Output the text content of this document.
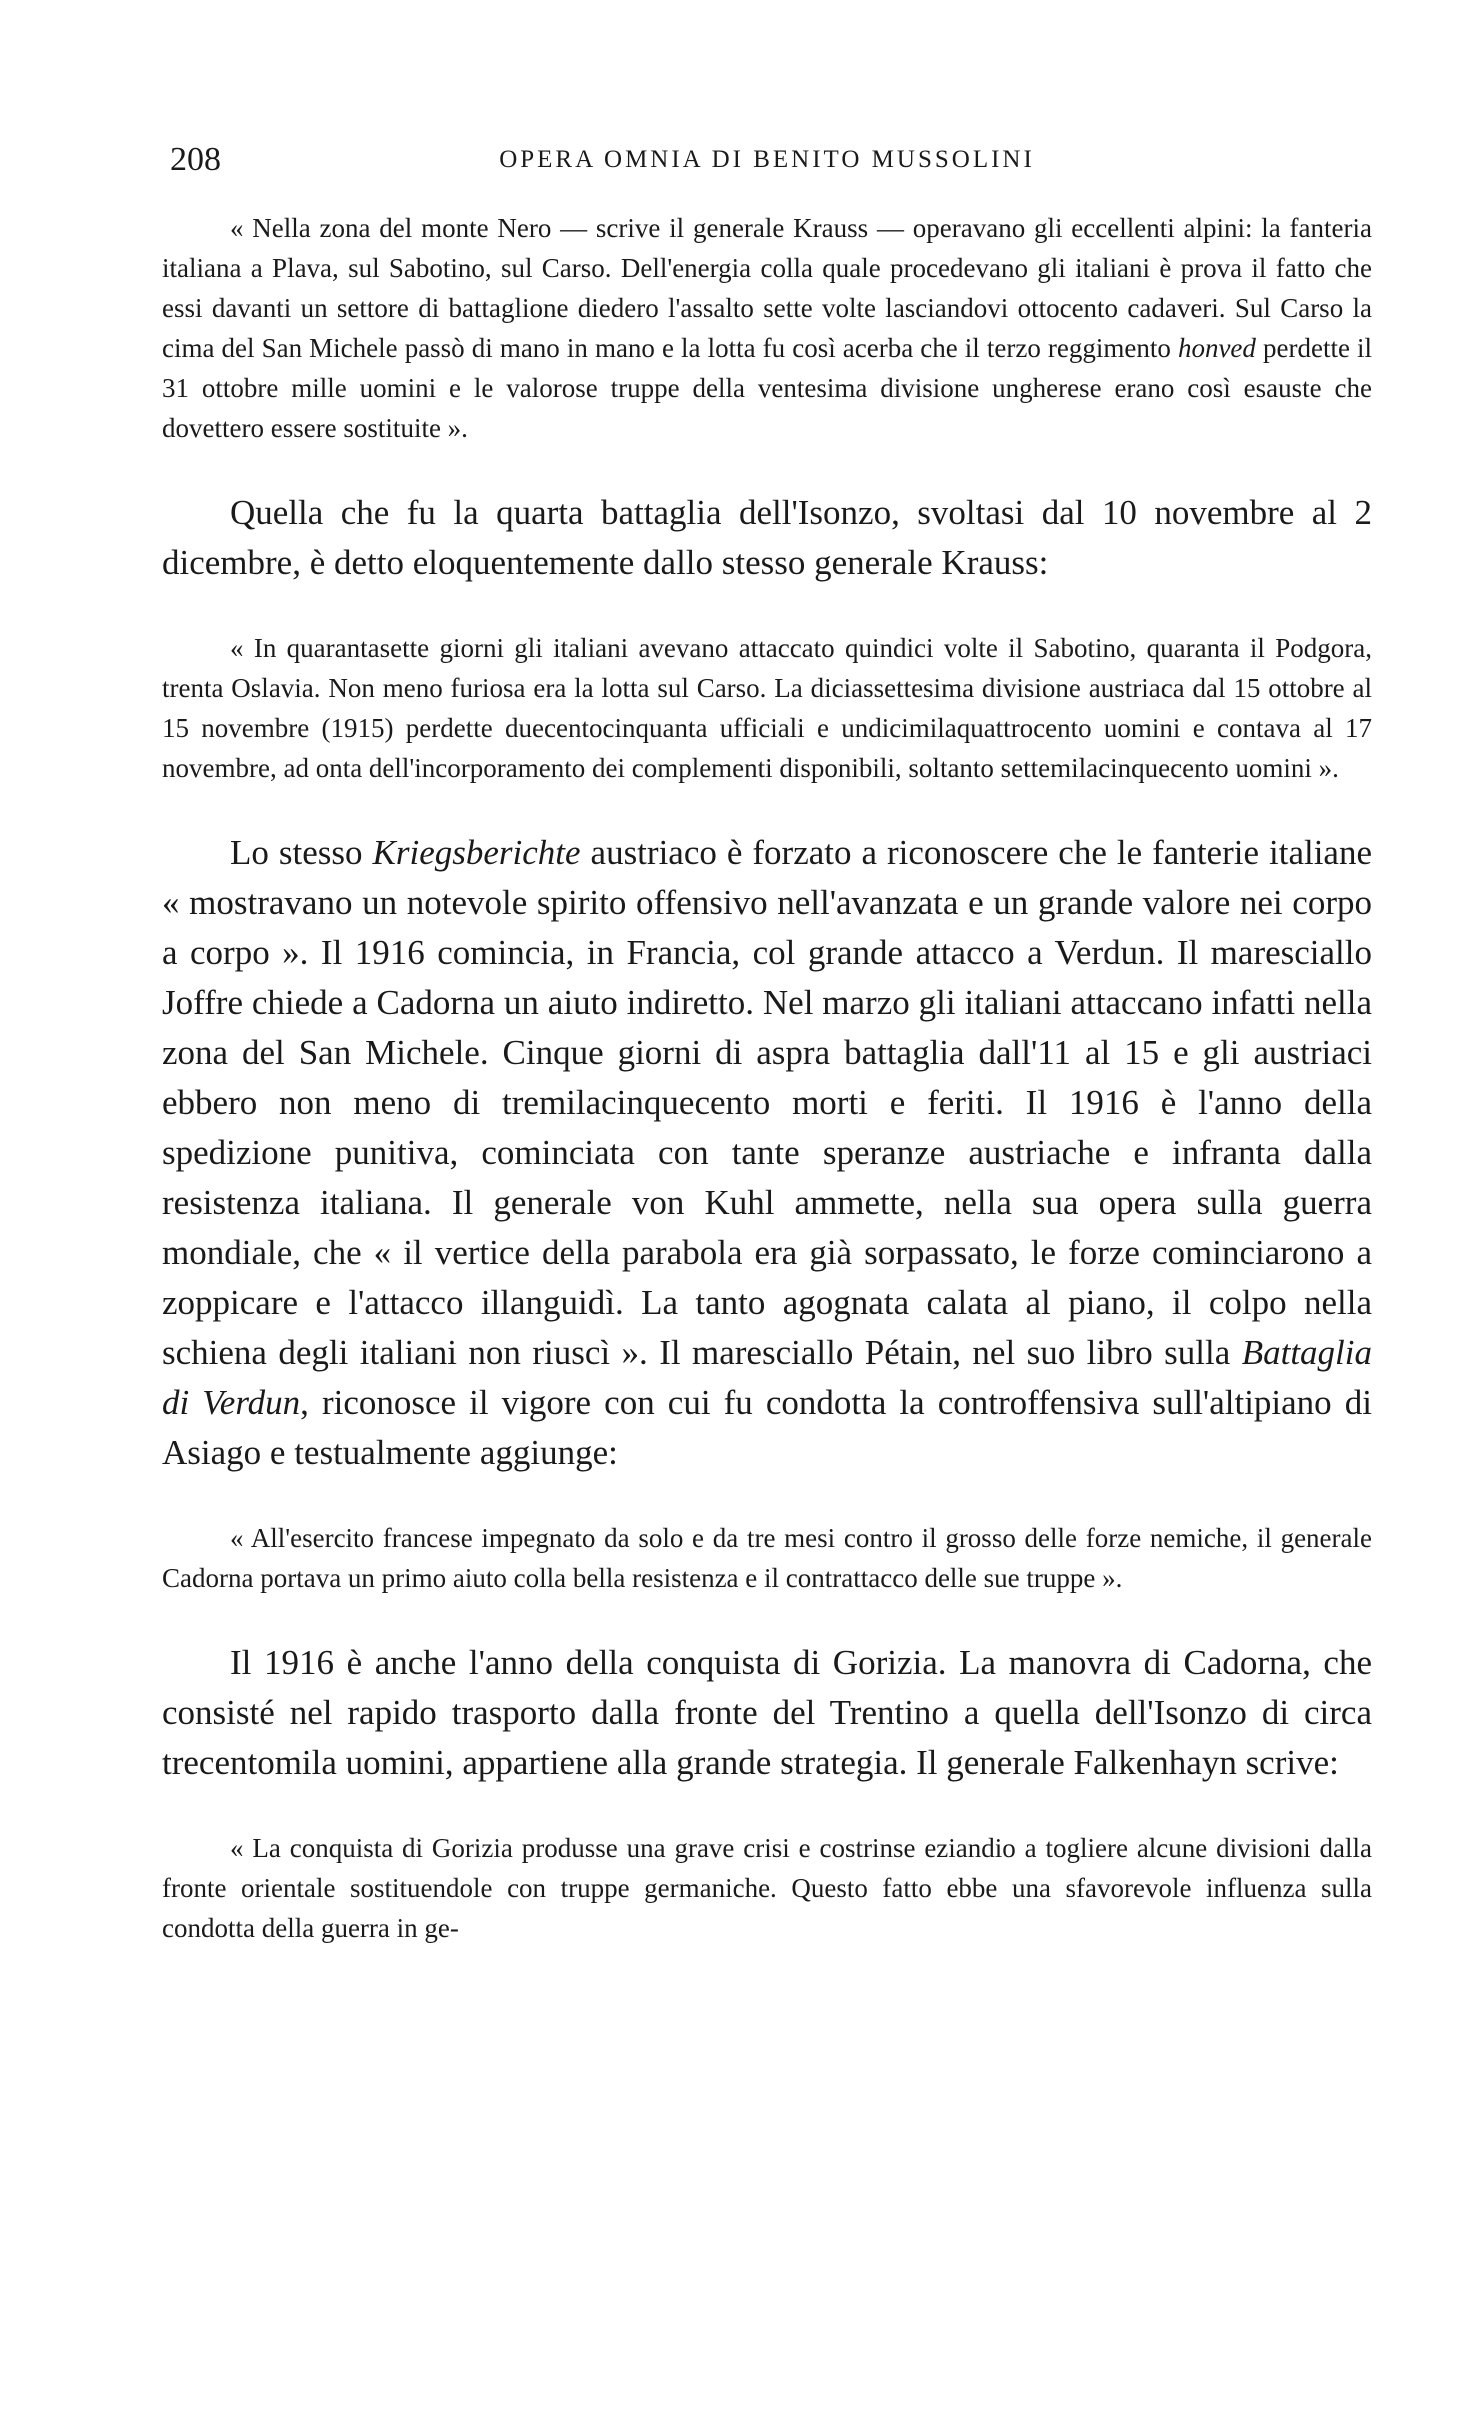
208	OPERA OMNIA DI BENITO MUSSOLINI

« Nella zona del monte Nero — scrive il generale Krauss — operavano gli eccellenti alpini: la fanteria italiana a Plava, sul Sabotino, sul Carso. Dell'energia colla quale procedevano gli italiani è prova il fatto che essi davanti un settore di battaglione diedero l'assalto sette volte lasciandovi ottocento cadaveri. Sul Carso la cima del San Michele passò di mano in mano e la lotta fu così acerba che il terzo reggimento honved perdette il 31 ottobre mille uomini e le valorose truppe della ventesima divisione ungherese erano così esauste che dovettero essere sostituite ».

Quella che fu la quarta battaglia dell'Isonzo, svoltasi dal 10 novembre al 2 dicembre, è detto eloquentemente dallo stesso generale Krauss:

« In quarantasette giorni gli italiani avevano attaccato quindici volte il Sabotino, quaranta il Podgora, trenta Oslavia. Non meno furiosa era la lotta sul Carso. La diciassettesima divisione austriaca dal 15 ottobre al 15 novembre (1915) perdette duecentocinquanta ufficiali e undicimilaquattrocento uomini e contava al 17 novembre, ad onta dell'incorporamento dei complementi disponibili, soltanto settemilacinquecento uomini ».

Lo stesso Kriegsberichte austriaco è forzato a riconoscere che le fanterie italiane « mostravano un notevole spirito offensivo nell'avanzata e un grande valore nei corpo a corpo ». Il 1916 comincia, in Francia, col grande attacco a Verdun. Il maresciallo Joffre chiede a Cadorna un aiuto indiretto. Nel marzo gli italiani attaccano infatti nella zona del San Michele. Cinque giorni di aspra battaglia dall'11 al 15 e gli austriaci ebbero non meno di tremilacinquecento morti e feriti. Il 1916 è l'anno della spedizione punitiva, cominciata con tante speranze austriache e infranta dalla resistenza italiana. Il generale von Kuhl ammette, nella sua opera sulla guerra mondiale, che « il vertice della parabola era già sorpassato, le forze cominciarono a zoppicare e l'attacco illanguidì. La tanto agognata calata al piano, il colpo nella schiena degli italiani non riuscì ». Il maresciallo Pétain, nel suo libro sulla Battaglia di Verdun, riconosce il vigore con cui fu condotta la controffensiva sull'altipiano di Asiago e testualmente aggiunge:

« All'esercito francese impegnato da solo e da tre mesi contro il grosso delle forze nemiche, il generale Cadorna portava un primo aiuto colla bella resistenza e il contrattacco delle sue truppe ».

Il 1916 è anche l'anno della conquista di Gorizia. La manovra di Cadorna, che consisté nel rapido trasporto dalla fronte del Trentino a quella dell'Isonzo di circa trecentomila uomini, appartiene alla grande strategia. Il generale Falkenhayn scrive:

« La conquista di Gorizia produsse una grave crisi e costrinse eziandio a togliere alcune divisioni dalla fronte orientale sostituendole con truppe germaniche. Questo fatto ebbe una sfavorevole influenza sulla condotta della guerra in ge-
